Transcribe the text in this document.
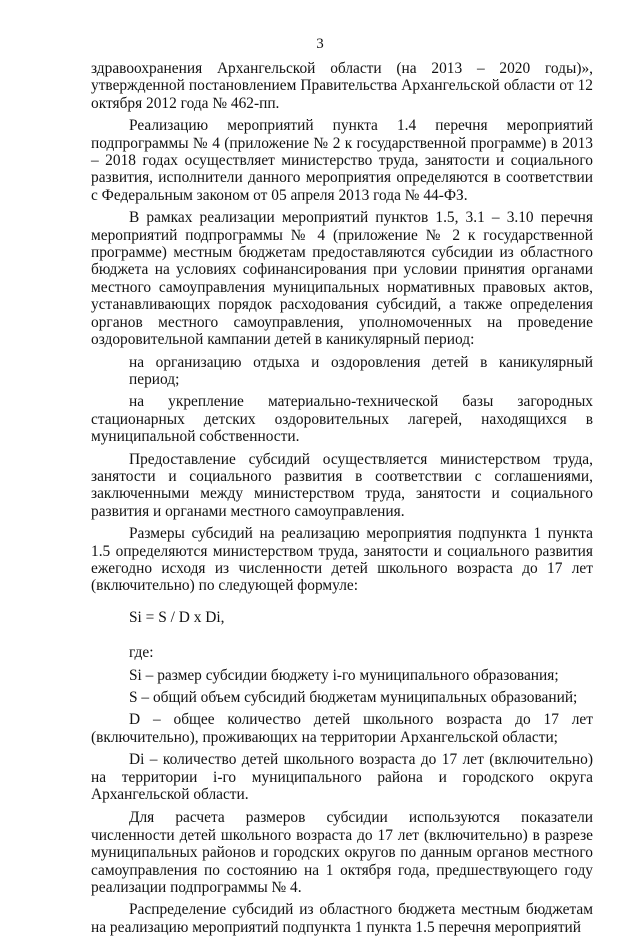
3

здравоохранения Архангельской области (на 2013 – 2020 годы)», утвержденной постановлением Правительства Архангельской области от 12 октября 2012 года № 462-пп.

Реализацию мероприятий пункта 1.4 перечня мероприятий подпрограммы № 4 (приложение № 2 к государственной программе) в 2013 – 2018 годах осуществляет министерство труда, занятости и социального развития, исполнители данного мероприятия определяются в соответствии с Федеральным законом от 05 апреля 2013 года № 44-ФЗ.

В рамках реализации мероприятий пунктов 1.5, 3.1 – 3.10 перечня мероприятий подпрограммы № 4 (приложение № 2 к государственной программе) местным бюджетам предоставляются субсидии из областного бюджета на условиях софинансирования при условии принятия органами местного самоуправления муниципальных нормативных правовых актов, устанавливающих порядок расходования субсидий, а также определения органов местного самоуправления, уполномоченных на проведение оздоровительной кампании детей в каникулярный период:

на организацию отдыха и оздоровления детей в каникулярный период;

на укрепление материально-технической базы загородных стационарных детских оздоровительных лагерей, находящихся в муниципальной собственности.

Предоставление субсидий осуществляется министерством труда, занятости и социального развития в соответствии с соглашениями, заключенными между министерством труда, занятости и социального развития и органами местного самоуправления.

Размеры субсидий на реализацию мероприятия подпункта 1 пункта 1.5 определяются министерством труда, занятости и социального развития ежегодно исходя из численности детей школьного возраста до 17 лет (включительно) по следующей формуле:

Si = S / D x Di,

где:

Si – размер субсидии бюджету i-го муниципального образования;

S – общий объем субсидий бюджетам муниципальных образований;

D – общее количество детей школьного возраста до 17 лет (включительно), проживающих на территории Архангельской области;

Di – количество детей школьного возраста до 17 лет (включительно) на территории i-го муниципального района и городского округа Архангельской области.

Для расчета размеров субсидии используются показатели численности детей школьного возраста до 17 лет (включительно) в разрезе муниципальных районов и городских округов по данным органов местного самоуправления по состоянию на 1 октября года, предшествующего году реализации подпрограммы № 4.

Распределение субсидий из областного бюджета местным бюджетам на реализацию мероприятий подпункта 1 пункта 1.5 перечня мероприятий
